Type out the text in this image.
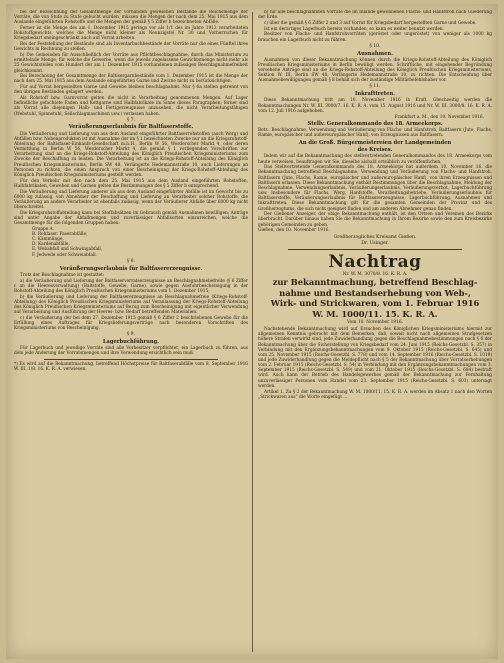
bei der Bezeichnung der Gesamtmenge der vorhanden gewesenen Bestände die Reichsmenge der Vorräte, die von Stufe zu Stufe gebucht wurden, müssen die Mengen der nach dem 25. Mai 1915 aus dem Auslande eingeführten Rohstoffe und die Mengen der gemäß § 5 Ziffer b bezeichneten Abfälle.

Ferner ist die Menge des am 1. Dezember 1915 gerings vor als 1/1 des im Jahre 1913 verarbeiteten Rohstoffgewichts, welches die Menge nicht kleiner als Neunzigstel Nr. 30 und Vorherrschen für Kriegsbedarf uneingeschränkt auch auf Vorrat arbeiten.

Bei der Feststellung der Bestände sind als Inventarbuchbestände der Vorräte nur die eines Fünftel ihres Gewichts in Rechnung zu stellen.

b) Die Gemeinden für Ausschließlich der Vorräte aus Pflichtbeschlagnahme, durch das Ministerium zu ermittelnde Menge, für welche die Gewerbe, wenn die jeweils zugelassene Gewichtsmenge nicht mehr als 25 Gewichtsteilen vom Hundert der am 1. Dezember 1915 vorhandenen zulässigen Beschlagnahmefreiheit gleichkommt.

Bei Berechnung der Gesamtmenge der Baltisergarnbestände vom 1. Dezember 1915 ist die Menge der nach dem 25. Mai 1915 aus dem Auslande eingeführten Garne und Zwirne nicht zu berücksichtigen.

Für auf Vorrat hergestellten Garne und Gewebe bleiben beschlagnahmt. Nur § 6a stellen getrennt von den übrigen Beständen gelagert werden.

Als Rohstoff bzw. Garnvorrat gelten die nicht in Verarbeitung genommenen Mengen. Auf Lager befindliche gefachtete Faden und Kettgarne sind Halbfabrikate im Sinne dieses Paragraphen; ferner sind als Vorrat alle diejenigen Halb- und Fertigerzeugnisse anzusehen, die nicht Verarbeitungsfähigen (Webstuhl, Spinnstuhl, Seilschlagmaschinen usw.) verlassen haben.

§ 7.
Veräußerungserlaubnis für Baltfaserstoffe.

Die Veräußerung und Lieferung von aus dem Ausland eingeführter Baltfaserrohstoffen (auch Werg) und Abfällen bzw. Nebenprodukten ist mit Ausnahme der im § 1 bezeichneten Zwecke nur an die Kriegsrohstoff-Abteilung der Baltisfaser-Einkaufs-Gesellschaft m.b.H., Berlin W 56, Werderscher Markt 4, oder deren Vermittlung in Berlin W 56, Werderscher Markt 4, die gemäß § 1 vorliegenden Vorschriften zur Verarbeitung sind an die Kriegs-Rohstoff-Abteilung des Königlich Preußischen Kriegsministeriums zum Zwecke der Beschaffung zu leisten. Die Verarbeitung ist an die Kriegs-Rohstoff-Abteilung des Königlich Preußischen Kriegsministeriums, Berlin SW 48, Verlängerte Hedemannstraße 10, auch Lieferungen an Personen zu richten, die einen Anspruch von einer Bescheinigung der Kriegs-Rohstoff-Abteilung des Königlich Preußischen Kriegsministeriums gestellt werden.

Für den Verkehr mit den nach dem 25. Mai 1915 aus dem Ausland eingeführten Rohstoffen, Halbfabrikaten, Geweben und Garnen gelten die Bestimmungen des § 5 Ziffer b entsprechend.

Die Veräußerung und Lieferung anderer als aus dem Ausland eingeführter Abfälle ist im Gewicht bis zu 6000 kg zulässig, von Abnehmer der Beschaffung und Lieferung an Verarbeiter solcher Rohstoffe, die Veräußerung an andere Verarbeiter ist ebenfalls zulässig, wenn der Veräußerer Abfälle über 6000 kg nicht überschreitet.

Die Kriegsrohstoffabteilung kann bei Stoffabsätzen im Gebrauch gemäß Ausnahmen bewilligen; Anträge sind unter Angabe der Abfallmengen und zuverlässiger Abfallsorten einzureichen, welche die Gesamtmenge für die folgenden Gruppen haben:

Gruppe A.
B. Rohfaser. Faserabfälle,
C. Kämmlinge,
D. Kardenabfälle,
E. Webabfall und Schwingabfall,
F. Jedwede oder Schweiabfall.
§ 8.
Veräußerungserlaubnis für Baltfasererzeugnisse.

Trotz der Beschlagnahme ist gestattet:

a) die Veräußerung und Lieferung der Baltfaservorratserzeugnisse an Beschlagnahmebefreite (§ 6 Ziffer c an die Heeresverwaltung) (Baltstoffe, Gewebe, Garne), sowie gegen Ausfuhrbescheinigung in der Rohstoff-Abteilung des Königlich Preußischen Kriegsministeriums vom 1. Dezember 1915;

b) die Veräußerung und Lieferung der Baltfasererzeugnisse an Beschlagnahmefreie (Kriegs-Rohstoff-Abteilung) des Königlich Preußischen Kriegsministeriums auf Veranlassung der Kriegs-Rohstoff-Abteilung des Königlich Preußischen Kriegsministeriums auf Bezug zum Bescheinigung mit eigentlicher Verwendung auf Verarbeitung und Ausführung der Heeres- bzw. Bedarf betreffenden Materialien.

c) die Veräußerung der bei dem 27. Dezember 1915 gemäß § 6 Ziffer 2 beschriebenen Gewebe für die Erfüllung eines Auftrages für Kriegslieferungsverträge nach besonderen Vorschriften des Kriegsministeriums von Bescheinigung.

§ 9.
Lagerbuchführung.

Für Lagerbuch und jeweilige Vorräte sind alle Vorbesitzer verpflichtet, ein Lagerbuch zu führen, aus dem jede Änderung der Vorratsmengen und ihre Verwendung ersichtlich sein muß.

*) Es wird auf die Bekanntmachung, betreffend Höchstpreise für Baltfaserabfälle vom 8. September 1916 W. III. 1/8. 16. K. R. A. verwiesen.

b) für alle beschlagnahmten Vorräte die im Inlande gewonnenen Flachs- und Hanfstroh nach Gliederung der Erde.

c) über die gemäß § 6 Ziffer 2 und 3 auf Vorrat für Kriegsbedarf hergestellten Garne und Gewebe.

Ist ein derartiges Lagerbuch bereits vorhanden, so kann es weiter benutzt werden.

Besitzer von Flachs- und Hanfstrohvorräten (geröstet oder ungeröstet) von weniger als 1000 kg brauchen ein Lagerbuch nicht zu führen.

§ 10.
Ausnahmen.

Ausnahmen von dieser Bekanntmachung können durch die Kriegs-Rohstoff-Abteilung des Königlich Preußischen Kriegsministeriums in Berlin bewilligt werden. Schriftliche, mit eingehender Begründung versehene Anträge sind an die Kriegs-Rohstoff-Abteilung des Königlich Preußischen Kriegsministeriums, Sektion W. III, Berlin SW 48, Verlängerte Hedemannstraße 10, zu richten. Die Entscheidung über Ausnahmebewilligungen gemäß § 8 behält sich der zuständige Militärbefehlshaber vor.

§ 11.
Inkrafttreten.

Diese Bekanntmachung tritt am 10. November 1916 in Kraft. Gleichzeitig werden die Bekanntmachungen Nr. W. III. 3000/7. 16. K. R. A. vom 15. August 1916 und Nr. W. III. 3000/8. 16. K. R. A. vom 12. Juli 1916 aufgehoben.

Frankfurt a. M., den 10. November 1916.

Stellv. Generalkommando des 18. Armeekorps.

Betr.: Beschlagnahme, Verwendung und Veräußerung von Flachs- und Hanfstroh, Baltfasern (Jute, Flachs, Ramie, europäischer und außereuropäischer Hanf), von Erzeugnissen aus Baltfasern.

An die Groß. Bürgermeistereien der Landgemeinden
des Kreises.

Indem wir auf die Bekanntmachung des stellvertretenden Generalkommandos des 18. Armeekorps vom heute verweisen, beauftragen wir Sie, dieselbe alsbald ortsüblich zu veröffentlichen.

Das Stellvertretende Generalkommando des 18. Armeekorps hat außerdem 10. November 16. die Bekanntmachung betreffend Beschlagnahme, Verwendung und Veräußerung von Flachs- und Hanfstroh, Baltfasern (Jute, Flachs, Ramie, europäischer und außereuropäischer Hanf), von ihren Erzeugnissen und Baltfasern erlassen. Diese Bekanntmachung enthält Bestimmungen über die Beschlagnahme, Meldung der Beschlagnahme, Verwendungserlaubnis, Veräußerungserlaubnis, Veräußerungsverbot, Lagerbuchführung usw. Insbesondere für Flachs, Werg, Hanfstoffe, Verarbeitungsbetriebe, Veräußerungserlaubnis für Baltfaserstoffe, Veräußerungserlaubnis für Baltfasererzeugnisse, Lagerbuchführung, Ausnahmen und Inkrafttreten. Diese Bekanntmachung gilt für die gesamten Gemeinden der Provinz und des Großherzogtums, die sich nicht geeignet finden und am anderen Abnehmer genau finden.

Der Gießener Anzeiger, der obige Bekanntmachung enthält, ist den Ortsen und Vereinen des Bezirks überbracht. Darüber hinaus haben Sie die Bekanntmachung in Ihrem Bezirke sowie den zum Kreisbezirke gehörigen Gemeinden zu geben.

Gießen, den 10. November 1916.

Großherzogliches Kreisamt Gießen.
Dr. Usinger.
Nachtrag
Nr. W. M. 3070/8. 16. K. R. A.
zur Bekanntmachung, betreffend Beschlag-
nahme und Bestandserhebung von Web-,
Wirk- und Strickwaren, vom 1. Februar 1916
W. M. 1000/11. 15. K. R. A.
Vom 10. November 1916.

Nachstehende Bekanntmachung wird auf Ersuchen des Königlichen Kriegsministeriums hiermit zur allgemeinen Kenntnis gebracht mit dem Bemerken, daß, soweit nicht nach allgemeinen Strafgesetzen höhere Strafen verwirkt sind, jede Zuwiderhandlung gegen die Beschlagnahmebestimmungen nach § 6 der Bekanntmachung über die Sicherstellung von Kriegsbedarf vom 24. Juni 1915 (Reichs-Gesetzbl. S. 357) in Verbindung mit den Ergänzungsbekanntmachungen vom 9. Oktober 1915 (Reichs-Gesetzbl. S. 645) und vom 25. November 1915 (Reichs-Gesetzbl. S. 778) und vom 14. September 1916 (Reichs-Gesetzbl. S. 1019) und jede Zuwiderhandlung gegen die Meldepflicht nach § 5 der Bekanntmachung über Vorratserhebungen vom 2. Februar 1915 (Reichs-Gesetzbl. S. 54) in Verbindung mit den Ergänzungsbekanntmachungen vom 3. September 1915 (Reichs-Gesetzbl. S. 549) und vom 21. Oktober 1915 (Reichs-Gesetzbl. S. 684) bestraft wird. Auch kann der Betrieb des Handelsgewerbes gemäß der Bekanntmachung zur Fernhaltung unzuverlässiger Personen vom Handel vom 23. September 1915 (Reichs-Gesetzbl. S. 603) untersagt werden.

Artikel 1. Zu § 2 der Bekanntmachung W. M. 1000/11. 15. K. R. A. werden im Absatz 1 nach den Worten „Strickwaren aus“ die Worte eingefügt ...
